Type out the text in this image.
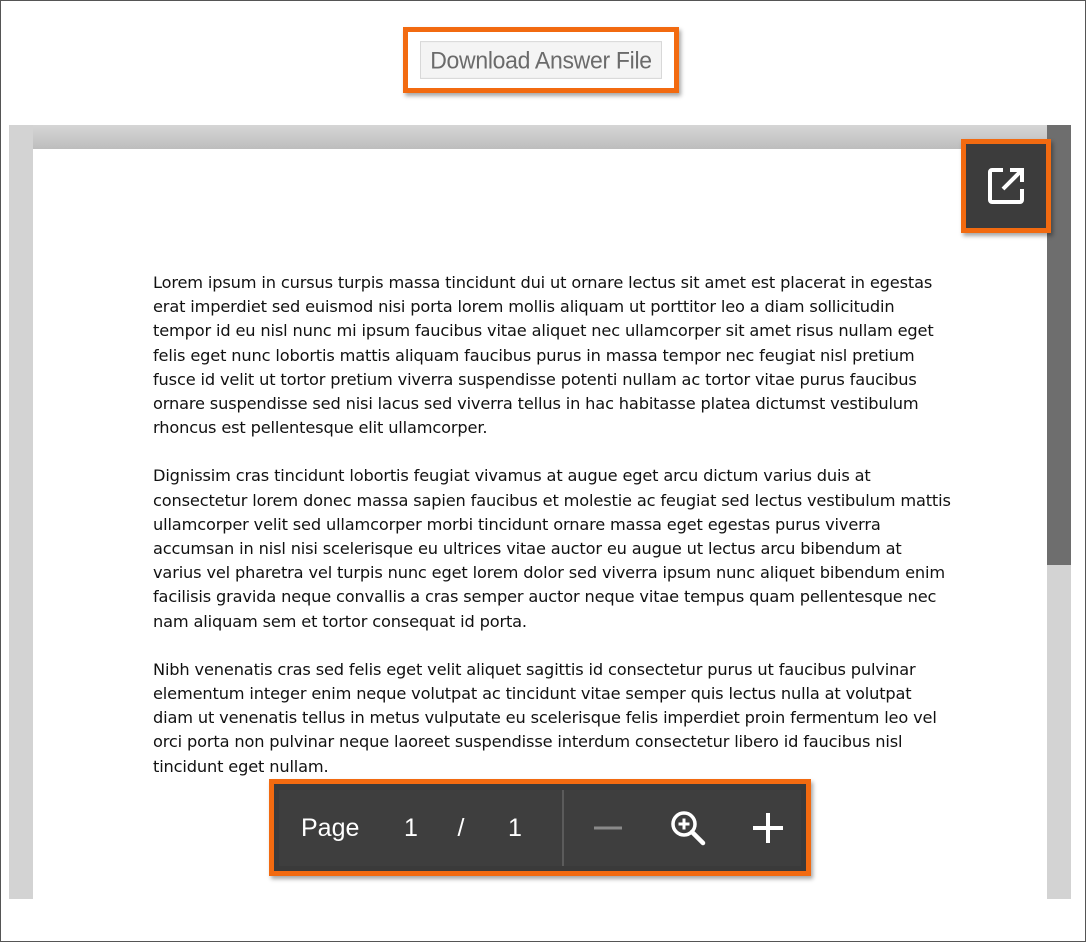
Download Answer File

Lorem ipsum in cursus turpis massa tincidunt dui ut ornare lectus sit amet est placerat in egestas erat imperdiet sed euismod nisi porta lorem mollis aliquam ut porttitor leo a diam sollicitudin tempor id eu nisl nunc mi ipsum faucibus vitae aliquet nec ullamcorper sit amet risus nullam eget felis eget nunc lobortis mattis aliquam faucibus purus in massa tempor nec feugiat nisl pretium fusce id velit ut tortor pretium viverra suspendisse potenti nullam ac tortor vitae purus faucibus ornare suspendisse sed nisi lacus sed viverra tellus in hac habitasse platea dictumst vestibulum rhoncus est pellentesque elit ullamcorper.

Dignissim cras tincidunt lobortis feugiat vivamus at augue eget arcu dictum varius duis at consectetur lorem donec massa sapien faucibus et molestie ac feugiat sed lectus vestibulum mattis ullamcorper velit sed ullamcorper morbi tincidunt ornare massa eget egestas purus viverra accumsan in nisl nisi scelerisque eu ultrices vitae auctor eu augue ut lectus arcu bibendum at varius vel pharetra vel turpis nunc eget lorem dolor sed viverra ipsum nunc aliquet bibendum enim facilisis gravida neque convallis a cras semper auctor neque vitae tempus quam pellentesque nec nam aliquam sem et tortor consequat id porta.

Nibh venenatis cras sed felis eget velit aliquet sagittis id consectetur purus ut faucibus pulvinar elementum integer enim neque volutpat ac tincidunt vitae semper quis lectus nulla at volutpat diam ut venenatis tellus in metus vulputate eu scelerisque felis imperdiet proin fermentum leo vel orci porta non pulvinar neque laoreet suspendisse interdum consectetur libero id faucibus nisl tincidunt eget nullam.

Page 1 / 1
